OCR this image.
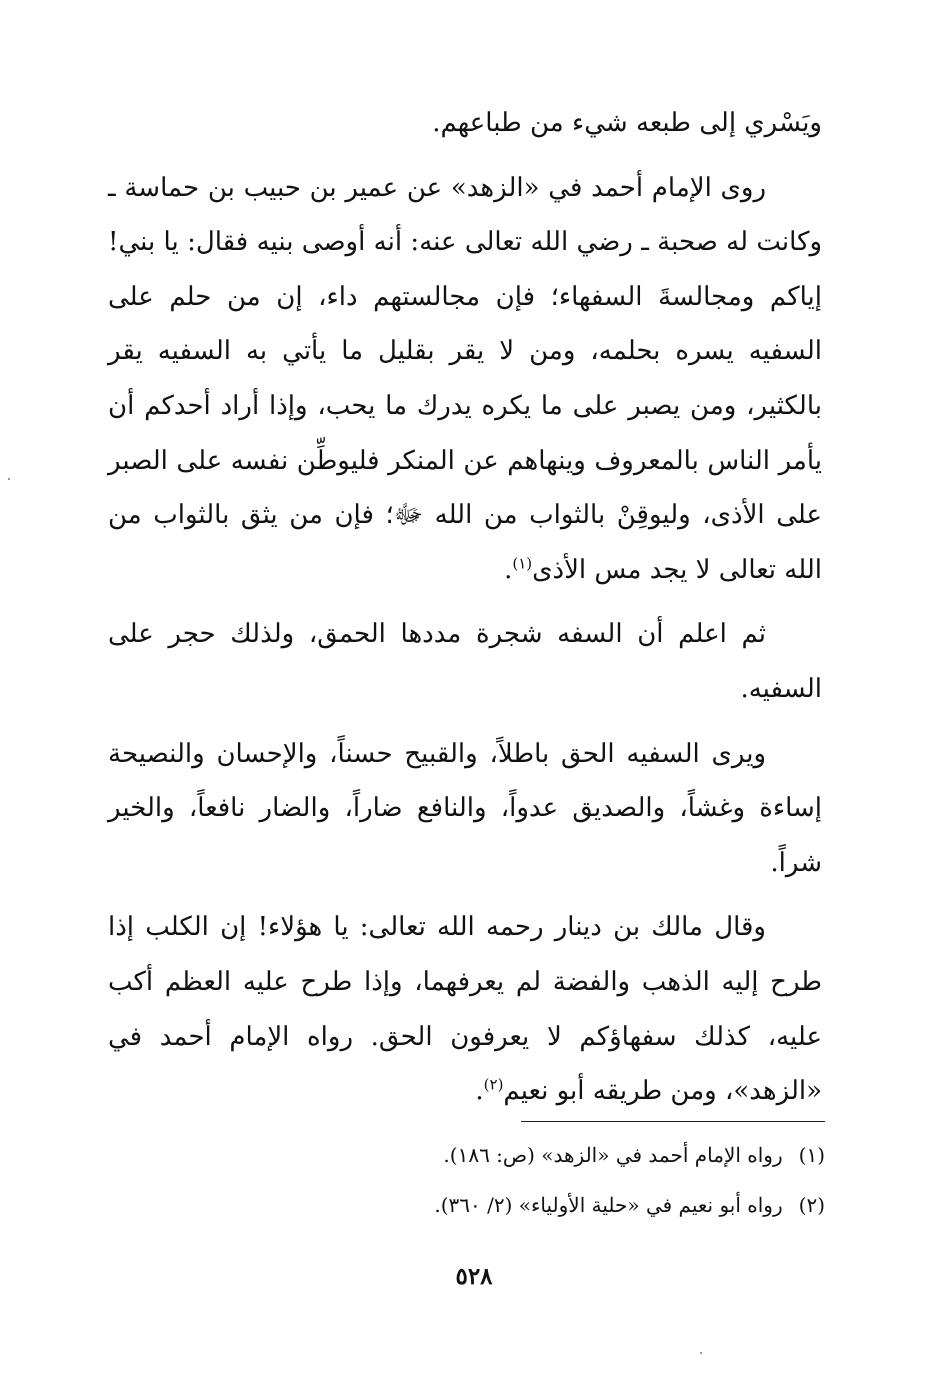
ويَسْري إلى طبعه شيء من طباعهم.

روى الإمام أحمد في «الزهد» عن عمير بن حبيب بن حماسة ـ وكانت له صحبة ـ رضي الله تعالى عنه: أنه أوصى بنيه فقال: يا بني! إياكم ومجالسةَ السفهاء؛ فإن مجالستهم داء، إن من حلم على السفيه يسره بحلمه، ومن لا يقر بقليل ما يأتي به السفيه يقر بالكثير، ومن يصبر على ما يكره يدرك ما يحب، وإذا أراد أحدكم أن يأمر الناس بالمعروف وينهاهم عن المنكر فليوطِّن نفسه على الصبر على الأذى، وليوقِنْ بالثواب من الله ﷻ؛ فإن من يثق بالثواب من الله تعالى لا يجد مس الأذى$^{(١)}$.

ثم اعلم أن السفه شجرة مددها الحمق، ولذلك حجر على السفيه.

ويرى السفيه الحق باطلاً، والقبيح حسناً، والإحسان والنصيحة إساءة وغشاً، والصديق عدواً، والنافع ضاراً، والضار نافعاً، والخير شراً.

وقال مالك بن دينار رحمه الله تعالى: يا هؤلاء! إن الكلب إذا طرح إليه الذهب والفضة لم يعرفهما، وإذا طرح عليه العظم أكب عليه، كذلك سفهاؤكم لا يعرفون الحق. رواه الإمام أحمد في «الزهد»، ومن طريقه أبو نعيم$^{(٢)}$.

(١)رواه الإمام أحمد في «الزهد» (ص: ١٨٦).
(٢)رواه أبو نعيم في «حلية الأولياء» (٢/ ٣٦٠).
٥٢٨
